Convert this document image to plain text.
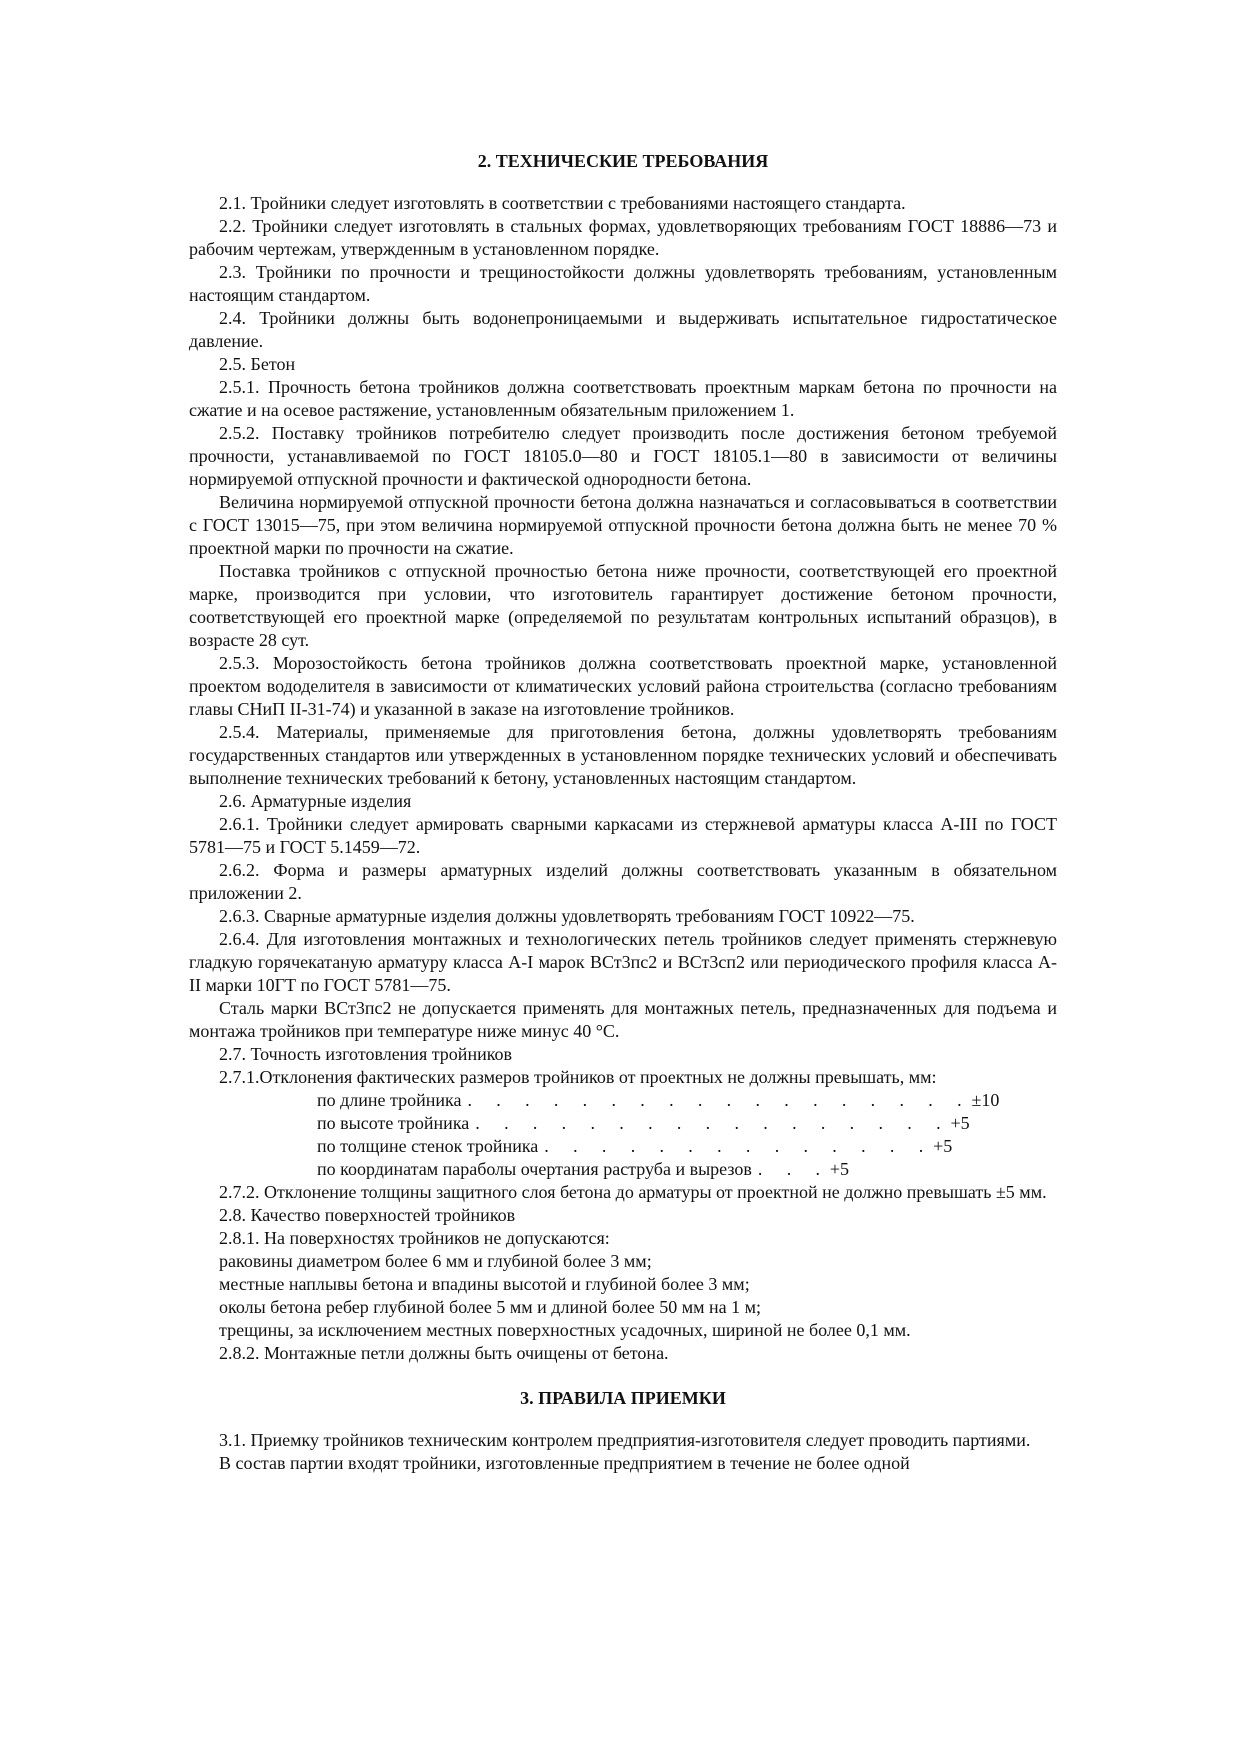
2. ТЕХНИЧЕСКИЕ ТРЕБОВАНИЯ

2.1. Тройники следует изготовлять в соответствии с требованиями настоящего стандарта.

2.2. Тройники следует изготовлять в стальных формах, удовлетворяющих требованиям ГОСТ 18886—73 и рабочим чертежам, утвержденным в установленном порядке.

2.3. Тройники по прочности и трещиностойкости должны удовлетворять требованиям, установленным настоящим стандартом.

2.4. Тройники должны быть водонепроницаемыми и выдерживать испытательное гидростатическое давление.

2.5. Бетон

2.5.1. Прочность бетона тройников должна соответствовать проектным маркам бетона по прочности на сжатие и на осевое растяжение, установленным обязательным приложением 1.

2.5.2. Поставку тройников потребителю следует производить после достижения бетоном требуемой прочности, устанавливаемой по ГОСТ 18105.0—80 и ГОСТ 18105.1—80 в зависимости от величины нормируемой отпускной прочности и фактической однородности бетона.

Величина нормируемой отпускной прочности бетона должна назначаться и согласовываться в соответствии с ГОСТ 13015—75, при этом величина нормируемой отпускной прочности бетона должна быть не менее 70 % проектной марки по прочности на сжатие.

Поставка тройников с отпускной прочностью бетона ниже прочности, соответствующей его проектной марке, производится при условии, что изготовитель гарантирует достижение бетоном прочности, соответствующей его проектной марке (определяемой по результатам контрольных испытаний образцов), в возрасте 28 сут.

2.5.3. Морозостойкость бетона тройников должна соответствовать проектной марке, установленной проектом вододелителя в зависимости от климатических условий района строительства (согласно требованиям главы СНиП II-31-74) и указанной в заказе на изготовление тройников.

2.5.4. Материалы, применяемые для приготовления бетона, должны удовлетворять требованиям государственных стандартов или утвержденных в установленном порядке технических условий и обеспечивать выполнение технических требований к бетону, установленных настоящим стандартом.

2.6. Арматурные изделия

2.6.1. Тройники следует армировать сварными каркасами из стержневой арматуры класса А-III по ГОСТ 5781—75 и ГОСТ 5.1459—72.

2.6.2. Форма и размеры арматурных изделий должны соответствовать указанным в обязательном приложении 2.

2.6.3. Сварные арматурные изделия должны удовлетворять требованиям ГОСТ 10922—75.

2.6.4. Для изготовления монтажных и технологических петель тройников следует применять стержневую гладкую горячекатаную арматуру класса А-I марок ВСт3пс2 и ВСт3сп2 или периодического профиля класса А-II марки 10ГТ по ГОСТ 5781—75.

Сталь марки ВСт3пс2 не допускается применять для монтажных петель, предназначенных для подъема и монтажа тройников при температуре ниже минус 40 °С.

2.7. Точность изготовления тройников

2.7.1.Отклонения фактических размеров тройников от проектных не должны превышать, мм:

по длине тройника . . . . . . . . . . . . . . . . . . ±10
по высоте тройника . . . . . . . . . . . . . . . . . +5
по толщине стенок тройника . . . . . . . . . . . . . . +5
по координатам параболы очертания раструба и вырезов . . . +5

2.7.2. Отклонение толщины защитного слоя бетона до арматуры от проектной не должно превышать ±5 мм.

2.8. Качество поверхностей тройников

2.8.1. На поверхностях тройников не допускаются:

раковины диаметром более 6 мм и глубиной более 3 мм;

местные наплывы бетона и впадины высотой и глубиной более 3 мм;

околы бетона ребер глубиной более 5 мм и длиной более 50 мм на 1 м;

трещины, за исключением местных поверхностных усадочных, шириной не более 0,1 мм.

2.8.2. Монтажные петли должны быть очищены от бетона.

3. ПРАВИЛА ПРИЕМКИ

3.1. Приемку тройников техническим контролем предприятия-изготовителя следует проводить партиями.

В состав партии входят тройники, изготовленные предприятием в течение не более одной
